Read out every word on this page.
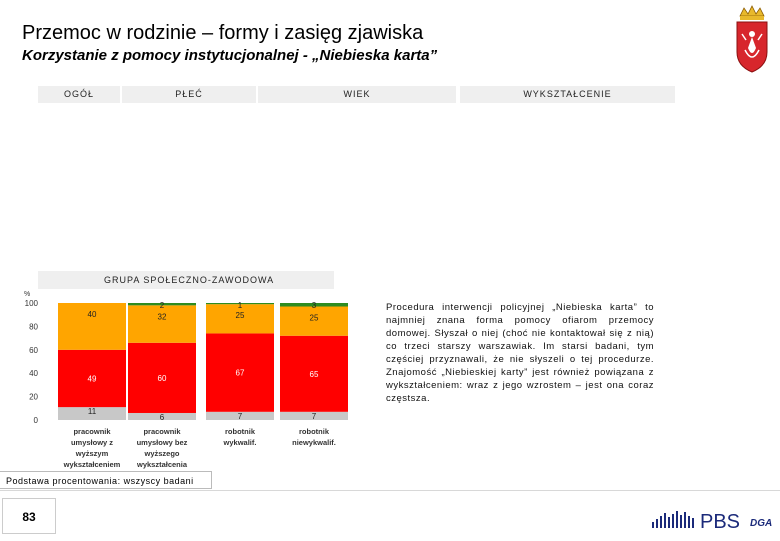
Przemoc w rodzinie – formy i zasięg zjawiska
Korzystanie z pomocy instytucjonalnej - „Niebieska karta”
OGÓŁ	PŁEĆ	WIEK	WYKSZTAŁCENIE
GRUPA SPOŁECZNO-ZAWODOWA
%
0
20
40
60
80
100
11
49
40
pracownik
umysłowy z
wyższym
wykształceniem
6
60
32
2
pracownik
umysłowy bez
wyższego
wykształcenia
7
67
25
1
robotnik
wykwalif.
7
65
25
3
robotnik
niewykwalif.
Procedura interwencji policyjnej „Niebieska karta” to najmniej znana forma pomocy ofiarom przemocy domowej. Słyszał o niej (choć nie kontaktował się z nią) co trzeci starszy warszawiak. Im starsi badani, tym częściej przyznawali, że nie słyszeli o tej procedurze. Znajomość „Niebieskiej karty” jest również powiązana z wykształceniem: wraz z jego wzrostem – jest ona coraz częstsza.
Podstawa procentowania: wszyscy badani
83	PBS DGA
